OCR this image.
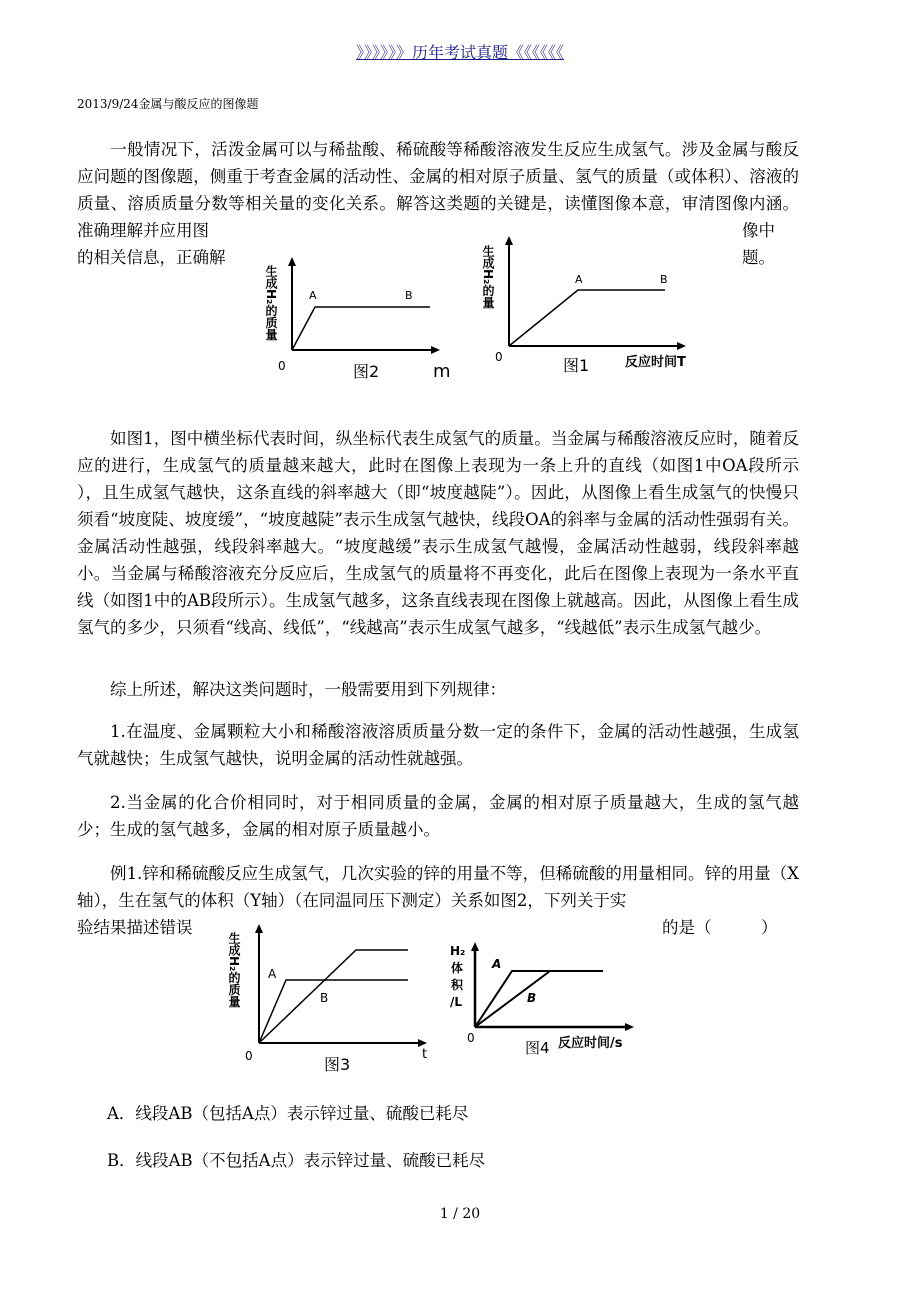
》》》》》》历年考试真题《《《《《《
2013/9/24金属与酸反应的图像题

一般情况下，活泼金属可以与稀盐酸、稀硫酸等稀酸溶液发生反应生成氢气。涉及金属与酸反应问题的图像题，侧重于考查金属的活动性、金属的相对原子质量、氢气的质量（或体积）、溶液的质量、溶质质量分数等相关量的变化关系。解答这类题的关键是，读懂图像本意，审清图像内涵。准确理解并应用图	像中
的相关信息，正确解	题。
生成H₂的质量	A	B
0	图2	m
生成H₂的量	A	B
0	图1	反应时间T

如图1，图中横坐标代表时间，纵坐标代表生成氢气的质量。当金属与稀酸溶液反应时，随着反应的进行，生成氢气的质量越来越大，此时在图像上表现为一条上升的直线（如图1中OA段所示 ），且生成氢气越快，这条直线的斜率越大（即“坡度越陡”）。因此，从图像上看生成氢气的快慢只须看“坡度陡、坡度缓”，“坡度越陡”表示生成氢气越快，线段OA的斜率与金属的活动性强弱有关。金属活动性越强，线段斜率越大。“坡度越缓”表示生成氢气越慢，金属活动性越弱，线段斜率越小。当金属与稀酸溶液充分反应后，生成氢气的质量将不再变化，此后在图像上表现为一条水平直线（如图1中的AB段所示）。生成氢气越多，这条直线表现在图像上就越高。因此，从图像上看生成氢气的多少，只须看“线高、线低”，“线越高”表示生成氢气越多，“线越低”表示生成氢气越少。

综上所述，解决这类问题时，一般需要用到下列规律：

1.在温度、金属颗粒大小和稀酸溶液溶质质量分数一定的条件下，金属的活动性越强，生成氢气就越快；生成氢气越快，说明金属的活动性就越强。

2.当金属的化合价相同时，对于相同质量的金属，金属的相对原子质量越大，生成的氢气越少；生成的氢气越多，金属的相对原子质量越小。

例1.锌和稀硫酸反应生成氢气，几次实验的锌的用量不等，但稀硫酸的用量相同。锌的用量（X轴），生在氢气的体积（Y轴）（在同温同压下测定）关系如图2，下列关于实

验结果描述错误	的是（　　　）
生成H₂的质量 A
B
0	图3
t
H₂
体
积
/L
A
B
0
图4 反应时间/s
A．线段AB（包括A点）表示锌过量、硫酸已耗尽
B．线段AB（不包括A点）表示锌过量、硫酸已耗尽
1 / 20
